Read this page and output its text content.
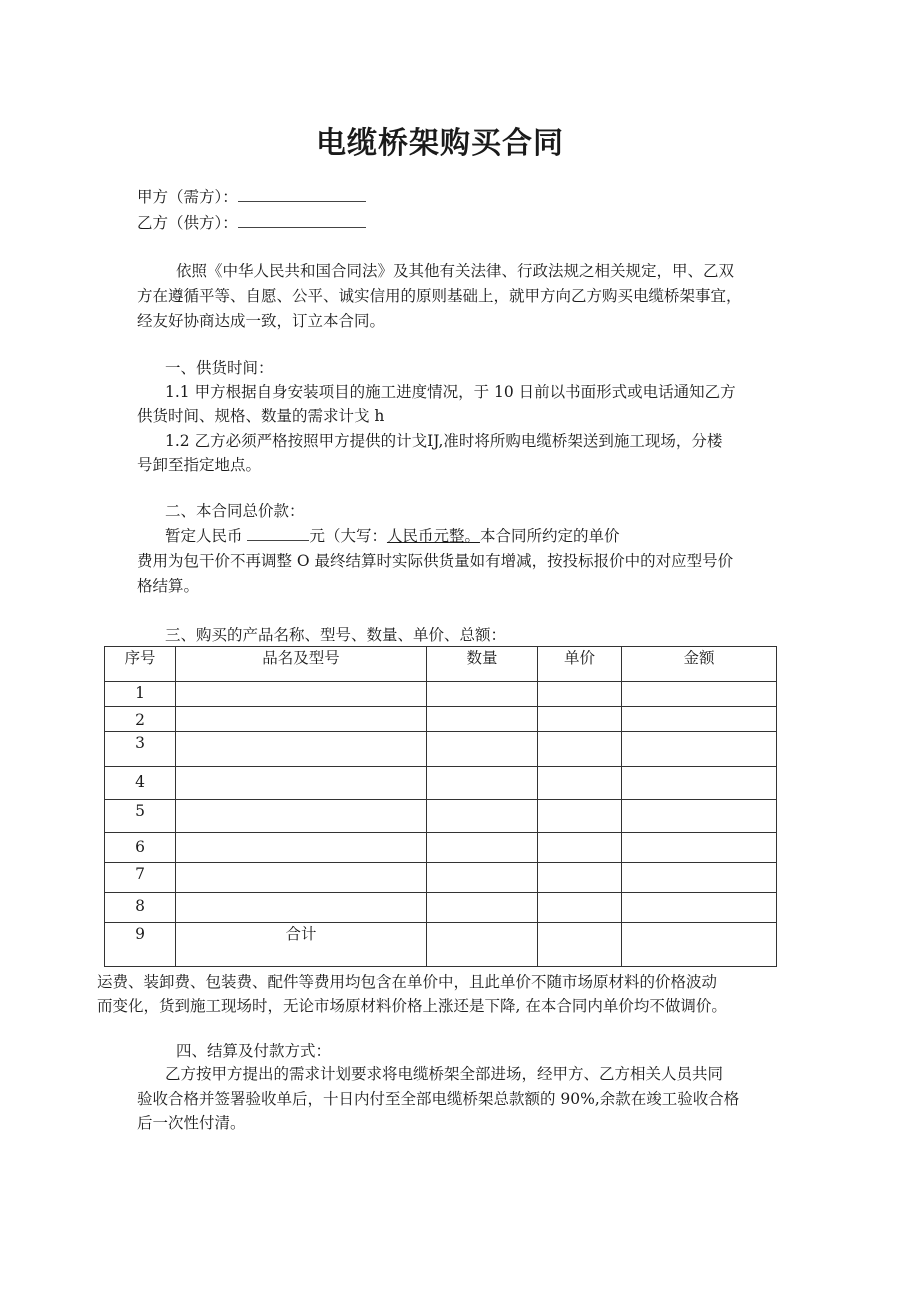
电缆桥架购买合同
甲方（需方）：
乙方（供方）：
依照《中华人民共和国合同法》及其他有关法律、行政法规之相关规定，甲、乙双
方在遵循平等、自愿、公平、诚实信用的原则基础上，就甲方向乙方购买电缆桥架事宜，
经友好协商达成一致，订立本合同。
一、供货时间：
1.1 甲方根据自身安装项目的施工进度情况，于 10 日前以书面形式或电话通知乙方
供货时间、规格、数量的需求计戈 h
1.2 乙方必须严格按照甲方提供的计戈IJ,准时将所购电缆桥架送到施工现场，分楼
号卸至指定地点。
二、本合同总价款：
暂定人民币	元（大写：人民币元整。本合同所约定的单价
费用为包干价不再调整 O 最终结算时实际供货量如有增减，按投标报价中的对应型号价
格结算。
三、购买的产品名称、型号、数量、单价、总额：
序号	品名及型号	数量	单价	金额
1				
2				
3				
4				
5				
6				
7				
8				
9	合计			
运费、装卸费、包装费、配件等费用均包含在单价中，且此单价不随市场原材料的价格波动
而变化，货到施工现场时，无论市场原材料价格上涨还是下降, 在本合同内单价均不做调价。
四、结算及付款方式：
乙方按甲方提出的需求计划要求将电缆桥架全部进场，经甲方、乙方相关人员共同
验收合格并签署验收单后，十日内付至全部电缆桥架总款额的 90%,余款在竣工验收合格
后一次性付清。
